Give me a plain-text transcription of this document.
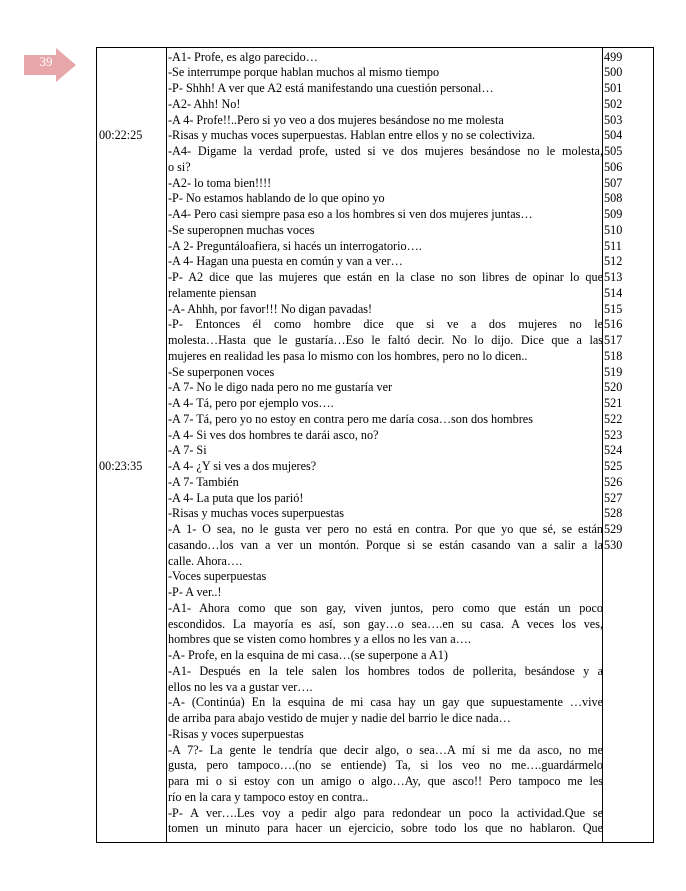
39
00:22:25
00:23:35
-A1- Profe, es algo parecido…
-Se interrumpe porque hablan muchos al mismo tiempo
-P- Shhh! A ver que A2 está manifestando una cuestión personal…
-A2- Ahh! No!
-A 4- Profe!!..Pero si yo veo a dos mujeres besándose no me molesta
-Risas y muchas voces superpuestas. Hablan entre ellos y no se colectiviza.
-A4- Digame la verdad profe, usted si ve dos mujeres besándose no le molesta,
o si?
-A2- lo toma bien!!!!
-P- No estamos hablando de lo que opino yo
-A4- Pero casi siempre pasa eso a los hombres si ven dos mujeres juntas…
-Se superopnen muchas voces
-A 2- Preguntáloafiera, si hacés un interrogatorio….
-A 4- Hagan una puesta en común y van a ver…
-P- A2 dice que las mujeres que están en la clase no son libres de opinar lo que
relamente piensan
-A- Ahhh, por favor!!! No digan pavadas!
-P- Entonces él como hombre dice que si ve a dos mujeres no le
molesta…Hasta que le gustaría…Eso le faltó decir. No lo dijo. Dice que a las
mujeres en realidad les pasa lo mismo con los hombres, pero no lo dicen..
-Se superponen voces
-A 7- No le digo nada pero no me gustaría ver
-A 4- Tá, pero por ejemplo vos….
-A 7- Tá, pero yo no estoy en contra pero me daría cosa…son dos hombres
-A 4- Si ves dos hombres te darái asco, no?
-A 7- Si
-A 4- ¿Y si ves a dos mujeres?
-A 7- También
-A 4- La puta que los parió!
-Risas y muchas voces superpuestas
-A 1- O sea, no le gusta ver pero no está en contra. Por que yo que sé, se están
casando…los van a ver un montón. Porque si se están casando van a salir a la
calle. Ahora….
-Voces superpuestas
-P- A ver..!
-A1- Ahora como que son gay, viven juntos, pero como que están un poco
escondidos. La mayoría es así, son gay…o sea….en su casa. A veces los ves,
hombres que se visten como hombres y a ellos no les van a….
-A- Profe, en la esquina de mi casa…(se superpone a A1)
-A1- Después en la tele salen los hombres todos de pollerita, besándose y a
ellos no les va a gustar ver….
-A- (Continúa) En la esquina de mi casa hay un gay que supuestamente …vive
de arriba para abajo vestido de mujer y nadie del barrio le dice nada…
-Risas y voces superpuestas
-A 7?- La gente le tendría que decir algo, o sea…A mí si me da asco, no me
gusta, pero tampoco….(no se entiende) Ta, si los veo no me….guardármelo
para mi o si estoy con un amigo o algo…Ay, que asco!! Pero tampoco me les
río en la cara y tampoco estoy en contra..
-P- A ver….Les voy a pedir algo para redondear un poco la actividad.Que se
tomen un minuto para hacer un ejercicio, sobre todo los que no hablaron. Que
499
500
501
502
503
504
505
506
507
508
509
510
511
512
513
514
515
516
517
518
519
520
521
522
523
524
525
526
527
528
529
530
